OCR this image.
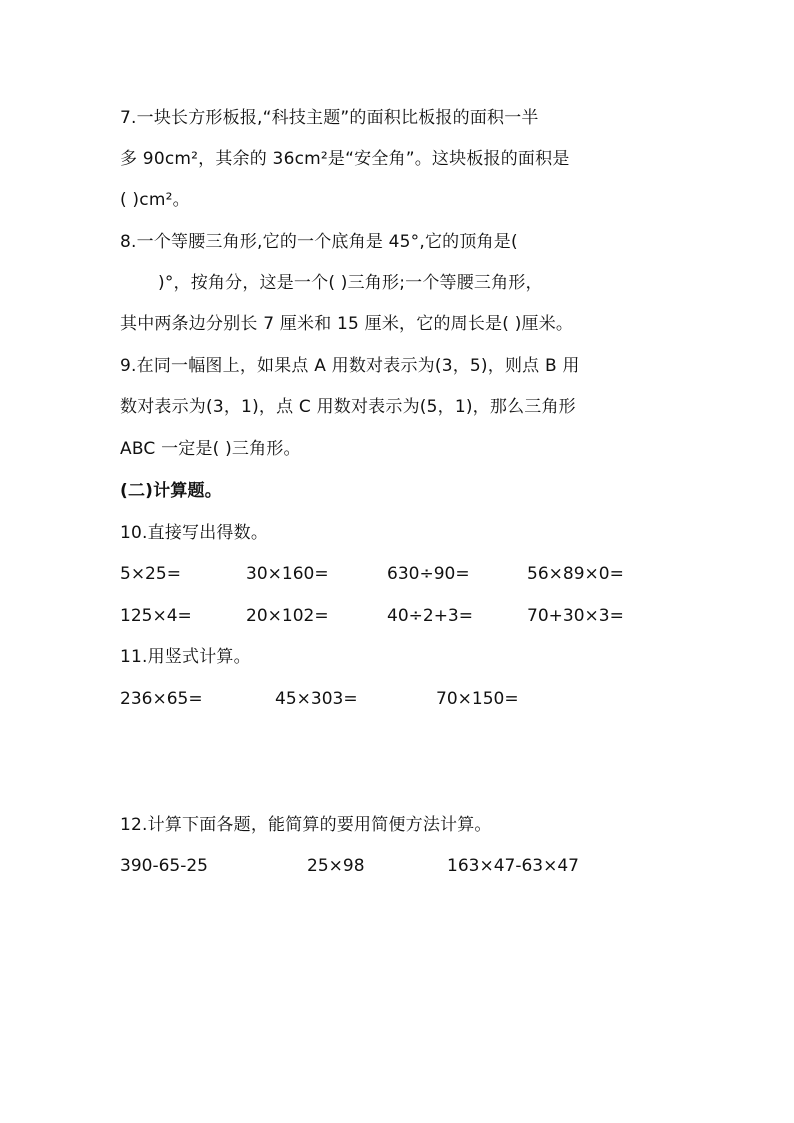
7.一块长方形板报,“科技主题”的面积比板报的面积一半
多 90cm²，其余的 36cm²是“安全角”。这块板报的面积是
( )cm²。
8.一个等腰三角形,它的一个底角是 45°,它的顶角是(
)°，按角分，这是一个( )三角形;一个等腰三角形，
其中两条边分别长 7 厘米和 15 厘米，它的周长是( )厘米。
9.在同一幅图上，如果点 A 用数对表示为(3，5)，则点 B 用
数对表示为(3，1)，点 C 用数对表示为(5，1)，那么三角形
ABC 一定是( )三角形。
(二)计算题。
10.直接写出得数。
5×25=	30×160=	630÷90=	56×89×0=
125×4=	20×102=	40÷2+3=	70+30×3=
11.用竖式计算。
236×65=	45×303=	70×150=
12.计算下面各题，能简算的要用简便方法计算。
390-65-25	25×98	163×47-63×47
